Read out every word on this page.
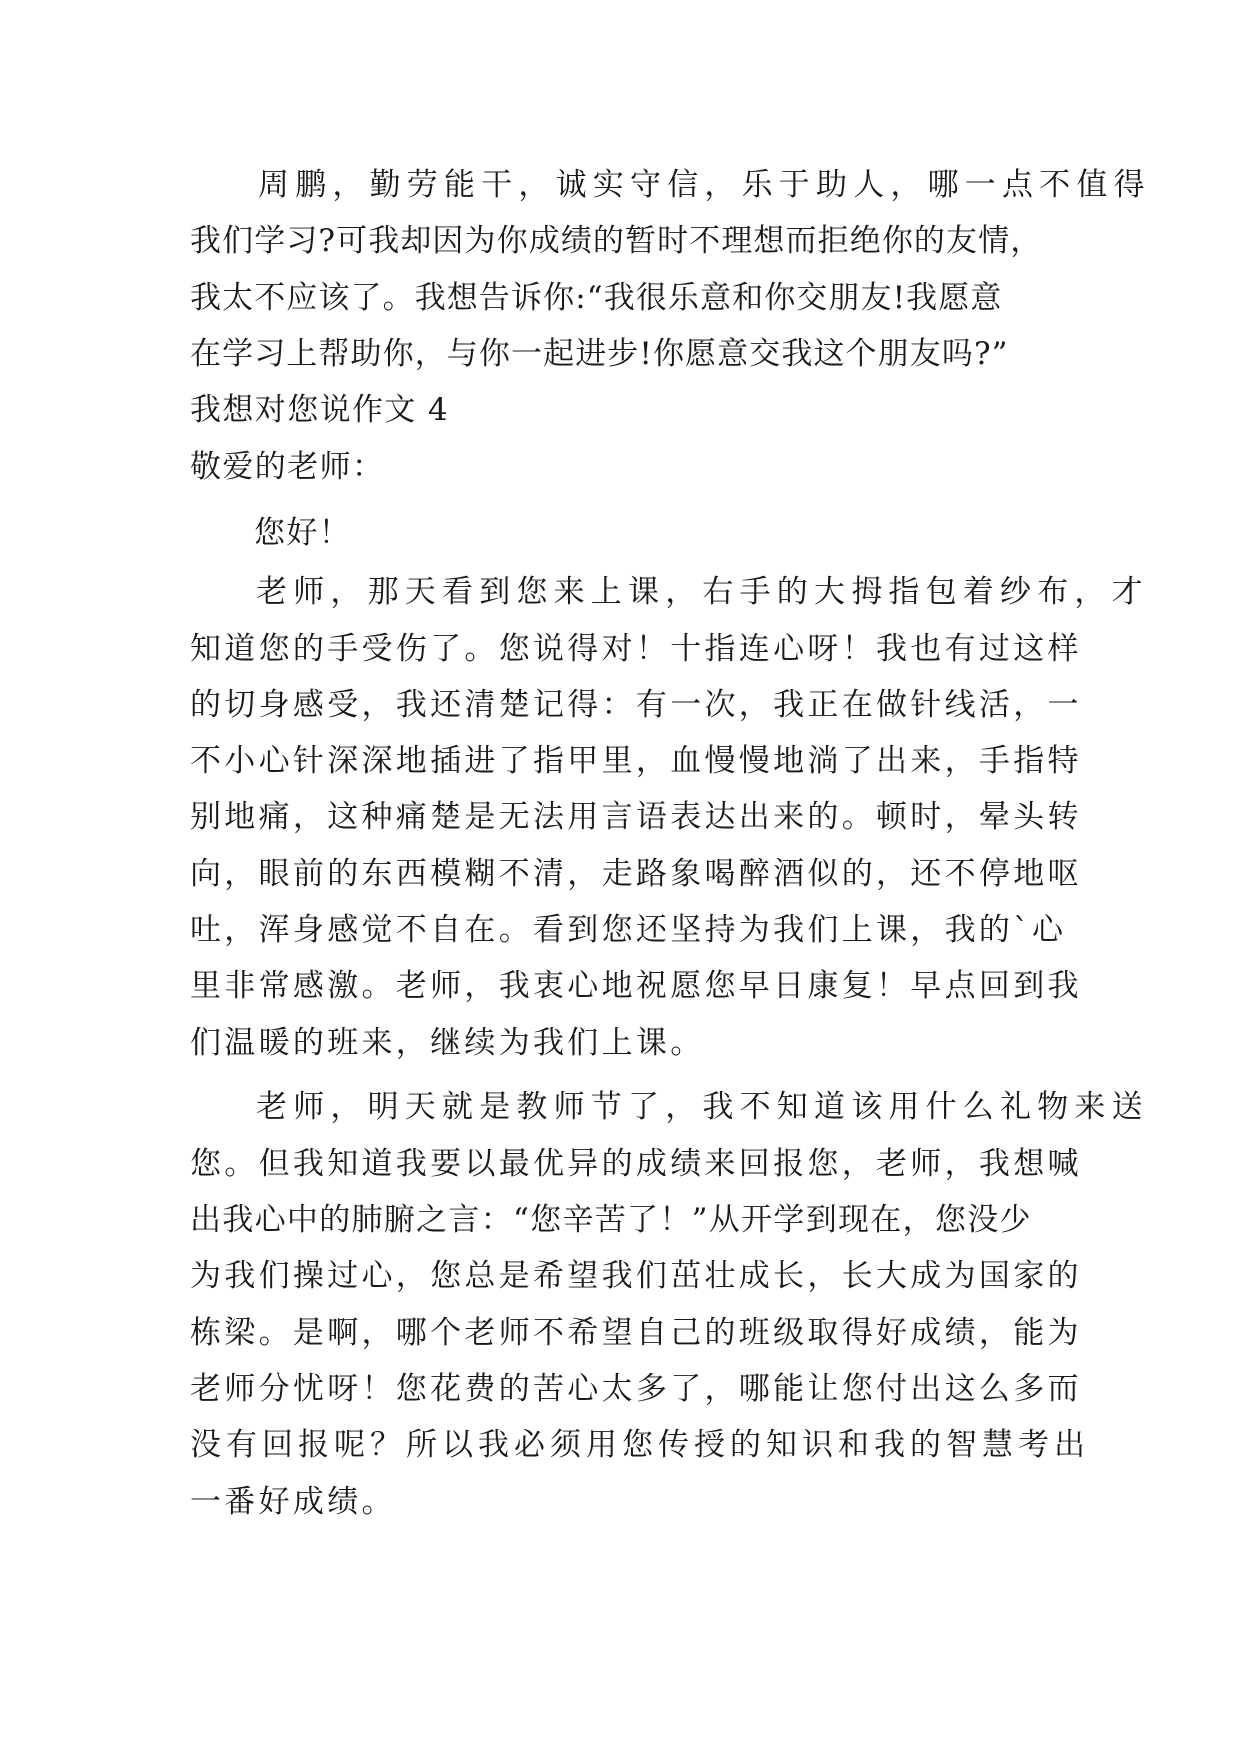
周鹏，勤劳能干，诚实守信，乐于助人，哪一点不值得
我们学习?可我却因为你成绩的暂时不理想而拒绝你的友情，
我太不应该了。我想告诉你:“我很乐意和你交朋友!我愿意
在学习上帮助你，与你一起进步!你愿意交我这个朋友吗?”
我想对您说作文 4
敬爱的老师：
您好！
老师，那天看到您来上课，右手的大拇指包着纱布，才
知道您的手受伤了。您说得对！十指连心呀！我也有过这样
的切身感受，我还清楚记得：有一次，我正在做针线活，一
不小心针深深地插进了指甲里，血慢慢地淌了出来，手指特
别地痛，这种痛楚是无法用言语表达出来的。顿时，晕头转
向，眼前的东西模糊不清，走路象喝醉酒似的，还不停地呕
吐，浑身感觉不自在。看到您还坚持为我们上课，我的`心
里非常感激。老师，我衷心地祝愿您早日康复！早点回到我
们温暖的班来，继续为我们上课。
老师，明天就是教师节了，我不知道该用什么礼物来送
您。但我知道我要以最优异的成绩来回报您，老师，我想喊
出我心中的肺腑之言：“您辛苦了！”从开学到现在，您没少
为我们操过心，您总是希望我们茁壮成长，长大成为国家的
栋梁。是啊，哪个老师不希望自己的班级取得好成绩，能为
老师分忧呀！您花费的苦心太多了，哪能让您付出这么多而
没有回报呢？所以我必须用您传授的知识和我的智慧考出
一番好成绩。
